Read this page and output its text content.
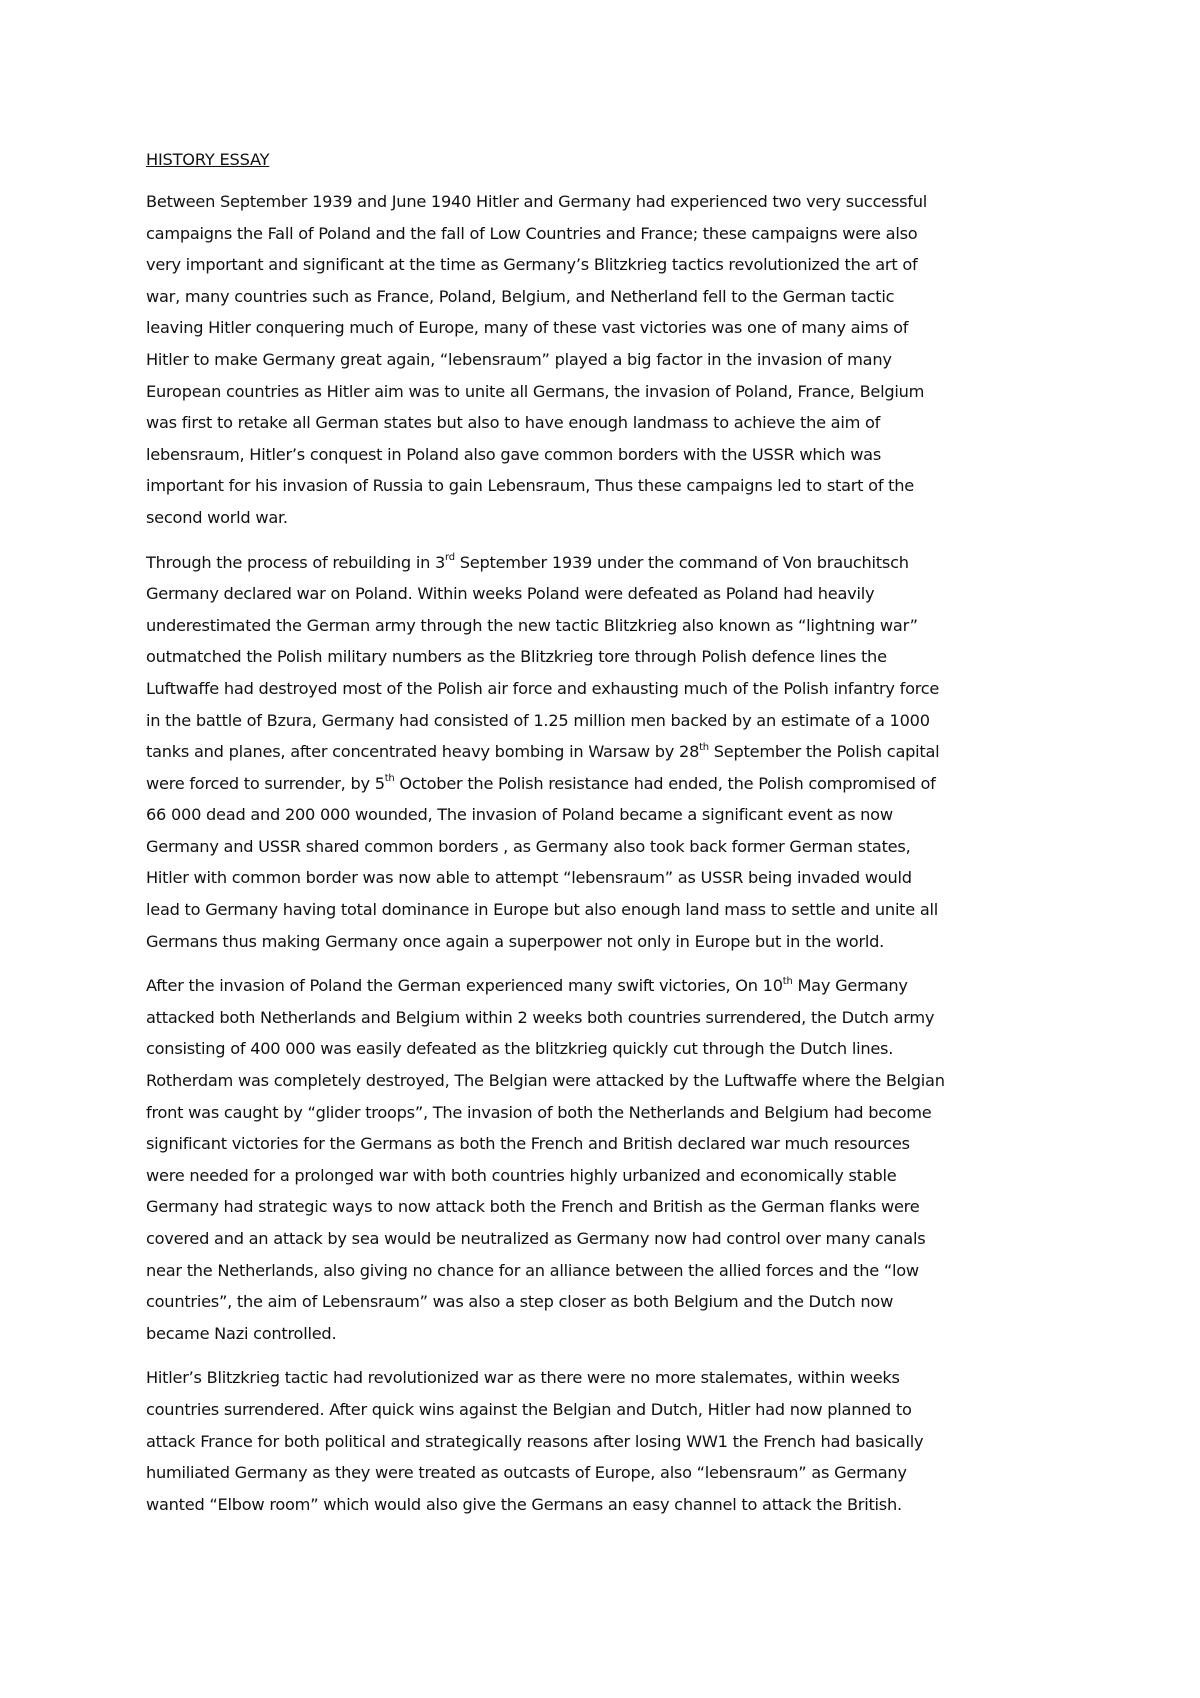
HISTORY ESSAY
Between September 1939 and June 1940 Hitler and Germany had experienced two very successful
campaigns the Fall of Poland and the fall of Low Countries and France; these campaigns were also
very important and significant at the time as Germany’s Blitzkrieg tactics revolutionized the art of
war, many countries such as France, Poland, Belgium, and Netherland fell to the German tactic
leaving Hitler conquering much of Europe, many of these vast victories was one of many aims of
Hitler to make Germany great again, “lebensraum” played a big factor in the invasion of many
European countries as Hitler aim was to unite all Germans, the invasion of Poland, France, Belgium
was first to retake all German states but also to have enough landmass to achieve the aim of
lebensraum, Hitler’s conquest in Poland also gave common borders with the USSR which was
important for his invasion of Russia to gain Lebensraum, Thus these campaigns led to start of the
second world war.
Through the process of rebuilding in 3rd September 1939 under the command of Von brauchitsch
Germany declared war on Poland. Within weeks Poland were defeated as Poland had heavily
underestimated the German army through the new tactic Blitzkrieg also known as “lightning war”
outmatched the Polish military numbers as the Blitzkrieg tore through Polish defence lines the
Luftwaffe had destroyed most of the Polish air force and exhausting much of the Polish infantry force
in the battle of Bzura, Germany had consisted of 1.25 million men backed by an estimate of a 1000
tanks and planes, after concentrated heavy bombing in Warsaw by 28th September the Polish capital
were forced to surrender, by 5th October the Polish resistance had ended, the Polish compromised of
66 000 dead and 200 000 wounded, The invasion of Poland became a significant event as now
Germany and USSR shared common borders , as Germany also took back former German states,
Hitler with common border was now able to attempt “lebensraum” as USSR being invaded would
lead to Germany having total dominance in Europe but also enough land mass to settle and unite all
Germans thus making Germany once again a superpower not only in Europe but in the world.
After the invasion of Poland the German experienced many swift victories, On 10th May Germany
attacked both Netherlands and Belgium within 2 weeks both countries surrendered, the Dutch army
consisting of 400 000 was easily defeated as the blitzkrieg quickly cut through the Dutch lines.
Rotherdam was completely destroyed, The Belgian were attacked by the Luftwaffe where the Belgian
front was caught by “glider troops”, The invasion of both the Netherlands and Belgium had become
significant victories for the Germans as both the French and British declared war much resources
were needed for a prolonged war with both countries highly urbanized and economically stable
Germany had strategic ways to now attack both the French and British as the German flanks were
covered and an attack by sea would be neutralized as Germany now had control over many canals
near the Netherlands, also giving no chance for an alliance between the allied forces and the “low
countries”, the aim of Lebensraum” was also a step closer as both Belgium and the Dutch now
became Nazi controlled.
Hitler’s Blitzkrieg tactic had revolutionized war as there were no more stalemates, within weeks
countries surrendered. After quick wins against the Belgian and Dutch, Hitler had now planned to
attack France for both political and strategically reasons after losing WW1 the French had basically
humiliated Germany as they were treated as outcasts of Europe, also “lebensraum” as Germany
wanted “Elbow room” which would also give the Germans an easy channel to attack the British.
